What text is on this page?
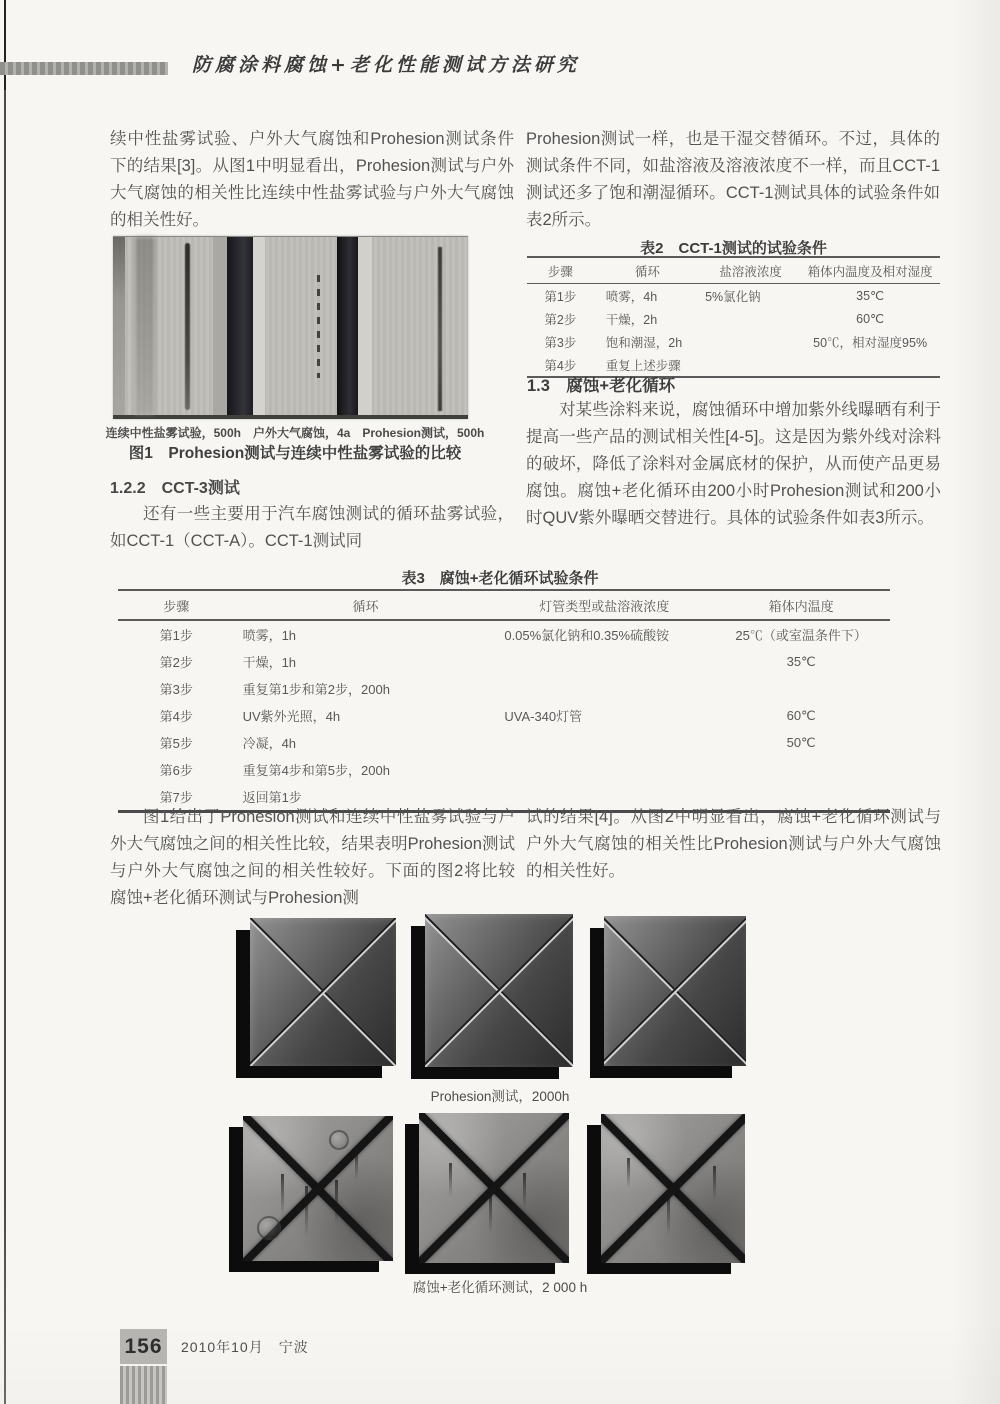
防腐涂料腐蚀+老化性能测试方法研究

续中性盐雾试验、户外大气腐蚀和Prohesion测试条件下的结果[3]。从图1中明显看出，Prohesion测试与户外大气腐蚀的相关性比连续中性盐雾试验与户外大气腐蚀的相关性好。

连续中性盐雾试验，500h　户外大气腐蚀，4a　Prohesion测试，500h
图1　Prohesion测试与连续中性盐雾试验的比较
1.2.2　CCT-3测试

还有一些主要用于汽车腐蚀测试的循环盐雾试验，如CCT-1（CCT-A）。CCT-1测试同

Prohesion测试一样，也是干湿交替循环。不过，具体的测试条件不同，如盐溶液及溶液浓度不一样，而且CCT-1测试还多了饱和潮湿循环。CCT-1测试具体的试验条件如表2所示。

表2　CCT-1测试的试验条件
步骤	循环	盐溶液浓度	箱体内温度及相对湿度
第1步	喷雾，4h	5%氯化钠	35℃
第2步	干燥，2h		60℃
第3步	饱和潮湿，2h		50℃，相对湿度95%
第4步	重复上述步骤		
1.3　腐蚀+老化循环

对某些涂料来说，腐蚀循环中增加紫外线曝晒有利于提高一些产品的测试相关性[4-5]。这是因为紫外线对涂料的破坏，降低了涂料对金属底材的保护，从而使产品更易腐蚀。腐蚀+老化循环由200小时Prohesion测试和200小时QUV紫外曝晒交替进行。具体的试验条件如表3所示。

表3　腐蚀+老化循环试验条件
步骤	循环	灯管类型或盐溶液浓度	箱体内温度
第1步	喷雾，1h	0.05%氯化钠和0.35%硫酸铵	25℃（或室温条件下）
第2步	干燥，1h		35℃
第3步	重复第1步和第2步，200h		
第4步	UV紫外光照，4h	UVA-340灯管	60℃
第5步	冷凝，4h		50℃
第6步	重复第4步和第5步，200h		
第7步	返回第1步		

图1给出了Prohesion测试和连续中性盐雾试验与户外大气腐蚀之间的相关性比较，结果表明Prohesion测试与户外大气腐蚀之间的相关性较好。下面的图2将比较腐蚀+老化循环测试与Prohesion测

试的结果[4]。从图2中明显看出，腐蚀+老化循环测试与户外大气腐蚀的相关性比Prohesion测试与户外大气腐蚀的相关性好。

Prohesion测试，2000h
腐蚀+老化循环测试，2 000 h
156 2010年10月　宁波
